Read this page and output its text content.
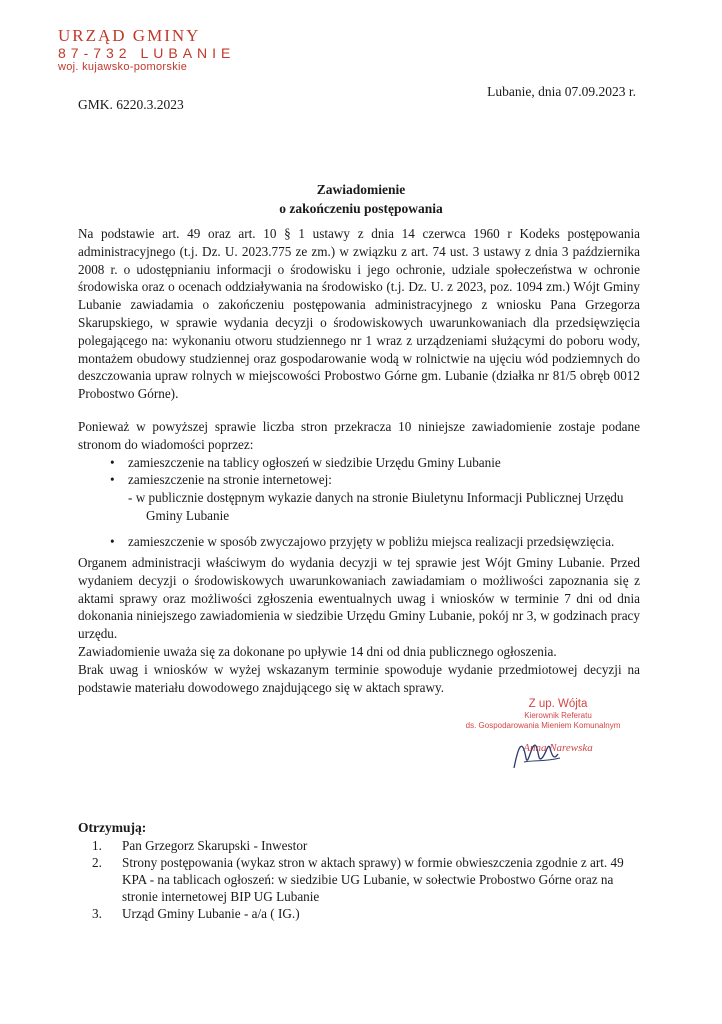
URZĄD GMINY
87-732 LUBANIE
woj. kujawsko-pomorskie
Lubanie, dnia 07.09.2023 r.
GMK. 6220.3.2023
Zawiadomienie
o zakończeniu postępowania
Na podstawie art. 49 oraz art. 10 § 1 ustawy z dnia 14 czerwca 1960 r Kodeks postępowania administracyjnego (t.j. Dz. U. 2023.775 ze zm.) w związku z art. 74 ust. 3 ustawy z dnia 3 października 2008 r. o udostępnianiu informacji o środowisku i jego ochronie, udziale społeczeństwa w ochronie środowiska oraz o ocenach oddziaływania na środowisko (t.j. Dz. U. z 2023, poz. 1094 zm.) Wójt Gminy Lubanie zawiadamia o zakończeniu postępowania administracyjnego z wniosku Pana Grzegorza Skarupskiego, w sprawie wydania decyzji o środowiskowych uwarunkowaniach dla przedsięwzięcia polegającego na: wykonaniu otworu studziennego nr 1 wraz z urządzeniami służącymi do poboru wody, montażem obudowy studziennej oraz gospodarowanie wodą w rolnictwie na ujęciu wód podziemnych do deszczowania upraw rolnych w miejscowości Probostwo Górne gm. Lubanie (działka nr 81/5 obręb 0012 Probostwo Górne).
Ponieważ w powyższej sprawie liczba stron przekracza 10 niniejsze zawiadomienie zostaje podane stronom do wiadomości poprzez:
• zamieszczenie na tablicy ogłoszeń w siedzibie Urzędu Gminy Lubanie
• zamieszczenie na stronie internetowej:
- w publicznie dostępnym wykazie danych na stronie Biuletynu Informacji Publicznej Urzędu
Gminy Lubanie
• zamieszczenie w sposób zwyczajowo przyjęty w pobliżu miejsca realizacji przedsięwzięcia.
Organem administracji właściwym do wydania decyzji w tej sprawie jest Wójt Gminy Lubanie. Przed wydaniem decyzji o środowiskowych uwarunkowaniach zawiadamiam o możliwości zapoznania się z aktami sprawy oraz możliwości zgłoszenia ewentualnych uwag i wniosków w terminie 7 dni od dnia dokonania niniejszego zawiadomienia w siedzibie Urzędu Gminy Lubanie, pokój nr 3, w godzinach pracy urzędu.
Zawiadomienie uważa się za dokonane po upływie 14 dni od dnia publicznego ogłoszenia.
Brak uwag i wniosków w wyżej wskazanym terminie spowoduje wydanie przedmiotowej decyzji na podstawie materiału dowodowego znajdującego się w aktach sprawy.
Z up. Wójta
Kierownik Referatu
ds. Gospodarowania Mieniem Komunalnym
Anna Narewska
Otrzymują:
1. Pan Grzegorz Skarupski - Inwestor
2. Strony postępowania (wykaz stron w aktach sprawy) w formie obwieszczenia zgodnie z art. 49 KPA - na tablicach ogłoszeń: w siedzibie UG Lubanie, w sołectwie Probostwo Górne oraz na stronie internetowej BIP UG Lubanie
3. Urząd Gminy Lubanie - a/a ( IG.)
